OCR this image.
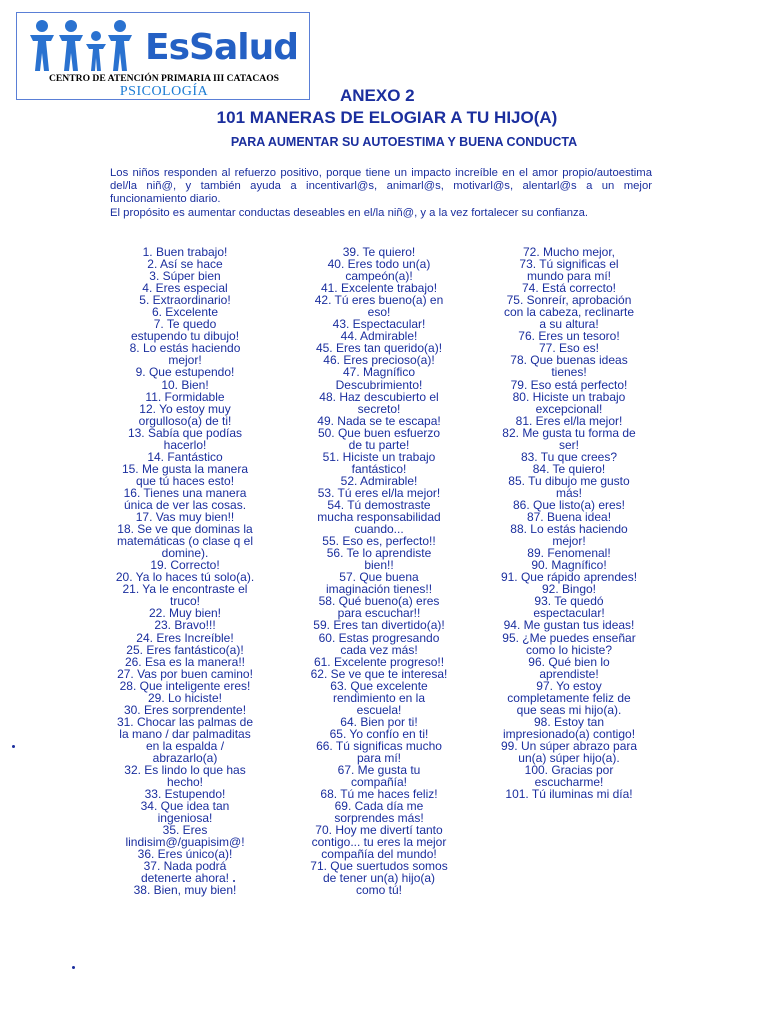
EsSalud
CENTRO DE ATENCIÓN PRIMARIA III CATACAOS
PSICOLOGÍA	ANEXO 2
101 MANERAS DE ELOGIAR A TU HIJO(A)
PARA AUMENTAR SU AUTOESTIMA Y BUENA CONDUCTA

Los niños responden al refuerzo positivo, porque tiene un impacto increíble en el amor propio/autoestima del/la niñ@, y también ayuda a incentivarl@s, animarl@s, motivarl@s, alentarl@s a un mejor funcionamiento diario.

El propósito es aumentar conductas deseables en el/la niñ@, y a la vez fortalecer su confianza.
1. Buen trabajo!
2. Así se hace
3. Súper bien
4. Eres especial
5. Extraordinario!
6. Excelente
7. Te quedo
estupendo tu dibujo!
8. Lo estás haciendo
mejor!
9. Que estupendo!
10. Bien!
11. Formidable
12. Yo estoy muy
orgulloso(a) de ti!
13. Sabía que podías
hacerlo!
14. Fantástico
15. Me gusta la manera
que tú haces esto!
16. Tienes una manera
única de ver las cosas.
17. Vas muy bien!!
18. Se ve que dominas la
matemáticas (o clase q el
domine).
19. Correcto!
20. Ya lo haces tú solo(a).
21. Ya le encontraste el
truco!
22. Muy bien!
23. Bravo!!!
24. Eres Increíble!
25. Eres fantástico(a)!
26. Esa es la manera!!
27. Vas por buen camino!
28. Que inteligente eres!
29. Lo hiciste!
30. Eres sorprendente!
31. Chocar las palmas de
la mano / dar palmaditas
en la espalda /
abrazarlo(a)
32. Es lindo lo que has
hecho!
33. Estupendo!
34. Que idea tan
ingeniosa!
35. Eres
lindisim@/guapisim@!
36. Eres único(a)!
37. Nada podrá
detenerte ahora!
38. Bien, muy bien!
39. Te quiero!
40. Eres todo un(a)
campeón(a)!
41. Excelente trabajo!
42. Tú eres bueno(a) en
eso!
43. Espectacular!
44. Admirable!
45. Eres tan querido(a)!
46. Eres precioso(a)!
47. Magnífico
Descubrimiento!
48. Haz descubierto el
secreto!
49. Nada se te escapa!
50. Que buen esfuerzo
de tu parte!
51. Hiciste un trabajo
fantástico!
52. Admirable!
53. Tú eres el/la mejor!
54. Tú demostraste
mucha responsabilidad
cuando...
55. Eso es, perfecto!!
56. Te lo aprendiste
bien!!
57. Que buena
imaginación tienes!!
58. Qué bueno(a) eres
para escuchar!!
59. Eres tan divertido(a)!
60. Estas progresando
cada vez más!
61. Excelente progreso!!
62. Se ve que te interesa!
63. Que excelente
rendimiento en la
escuela!
64. Bien por ti!
65. Yo confío en ti!
66. Tú significas mucho
para mí!
67. Me gusta tu
compañía!
68. Tú me haces feliz!
69. Cada día me
sorprendes más!
70. Hoy me divertí tanto
contigo... tu eres la mejor
compañía del mundo!
71. Que suertudos somos
de tener un(a) hijo(a)
como tú!
72. Mucho mejor,
73. Tú significas el
mundo para mí!
74. Está correcto!
75. Sonreír, aprobación
con la cabeza, reclinarte
a su altura!
76. Eres un tesoro!
77. Eso es!
78. Que buenas ideas
tienes!
79. Eso está perfecto!
80. Hiciste un trabajo
excepcional!
81. Eres el/la mejor!
82. Me gusta tu forma de
ser!
83. Tu que crees?
84. Te quiero!
85. Tu dibujo me gusto
más!
86. Que listo(a) eres!
87. Buena idea!
88. Lo estás haciendo
mejor!
89. Fenomenal!
90. Magnífico!
91. Que rápido aprendes!
92. Bingo!
93. Te quedó
espectacular!
94. Me gustan tus ideas!
95. ¿Me puedes enseñar
como lo hiciste?
96. Qué bien lo
aprendiste!
97. Yo estoy
completamente feliz de
que seas mi hijo(a).
98. Estoy tan
impresionado(a) contigo!
99. Un súper abrazo para
un(a) súper hijo(a).
100. Gracias por
escucharme!
101. Tú iluminas mi día!
